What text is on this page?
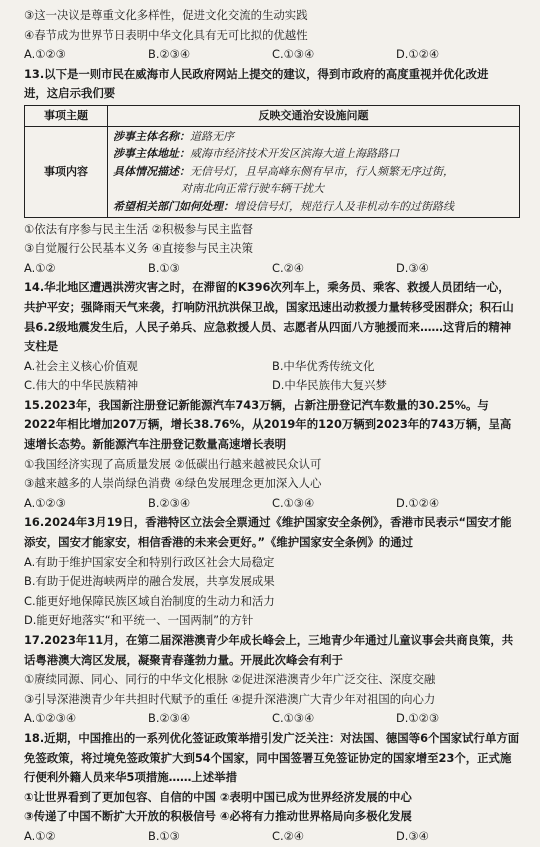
③这一决议是尊重文化多样性，促进文化交流的生动实践
④春节成为世界节日表明中华文化具有无可比拟的优越性
A.①②③	B.②③④	C.①③④	D.①②④
13.以下是一则市民在威海市人民政府网站上提交的建议，得到市政府的高度重视并优化改进
进，这启示我们要
事项主题	反映交通治安设施问题
事项内容	涉事主体名称：道路无序
涉事主体地址：威海市经济技术开发区滨海大道上海路路口
具体情况描述：无信号灯，且早高峰东侧有早市，行人频繁无序过街，
对南北向正常行驶车辆干扰大
希望相关部门如何处理：增设信号灯，规范行人及非机动车的过街路线
①依法有序参与民主生活 ②积极参与民主监督
③自觉履行公民基本义务 ④直接参与民主决策
A.①②	B.①③	C.②④	D.③④
14.华北地区遭遇洪涝灾害之时，在滞留的K396次列车上，乘务员、乘客、救援人员团结一心，共护平安；强降雨天气来袭，打响防汛抗洪保卫战，国家迅速出动救援力量转移受困群众；积石山县6.2级地震发生后，人民子弟兵、应急救援人员、志愿者从四面八方驰援而来……这背后的精神支柱是
A.社会主义核心价值观	B.中华优秀传统文化
C.伟大的中华民族精神	D.中华民族伟大复兴梦
15.2023年，我国新注册登记新能源汽车743万辆，占新注册登记汽车数量的30.25%。与2022年相比增加207万辆，增长38.76%，从2019年的120万辆到2023年的743万辆，呈高速增长态势。新能源汽车注册登记数量高速增长表明
①我国经济实现了高质量发展 ②低碳出行越来越被民众认可
③越来越多的人崇尚绿色消费 ④绿色发展理念更加深入人心
A.①②③	B.②③④	C.①③④	D.①②④
16.2024年3月19日，香港特区立法会全票通过《维护国家安全条例》，香港市民表示“国安才能添安，国安才能家安，相信香港的未来会更好。”《维护国家安全条例》的通过
A.有助于维护国家安全和特别行政区社会大局稳定
B.有助于促进海峡两岸的融合发展，共享发展成果
C.能更好地保障民族区域自治制度的生动力和活力
D.能更好地落实“和平统一、一国两制”的方针
17.2023年11月，在第二届深港澳青少年成长峰会上，三地青少年通过儿童议事会共商良策，共话粤港澳大湾区发展，凝聚青春蓬勃力量。开展此次峰会有利于
①赓续同源、同心、同行的中华文化根脉 ②促进深港澳青少年广泛交往、深度交融
③引导深港澳青少年共担时代赋予的重任 ④提升深港澳广大青少年对祖国的向心力
A.①②③④	B.②③④	C.①③④	D.①②③
18.近期，中国推出的一系列优化签证政策举措引发广泛关注：对法国、德国等6个国家试行单方面免签政策，将过境免签政策扩大到54个国家，同中国签署互免签证协定的国家增至23个，正式施行便利外籍人员来华5项措施……上述举措
①让世界看到了更加包容、自信的中国 ②表明中国已成为世界经济发展的中心
③传递了中国不断扩大开放的积极信号 ④必将有力推动世界格局向多极化发展
A.①②	B.①③	C.②④	D.③④
